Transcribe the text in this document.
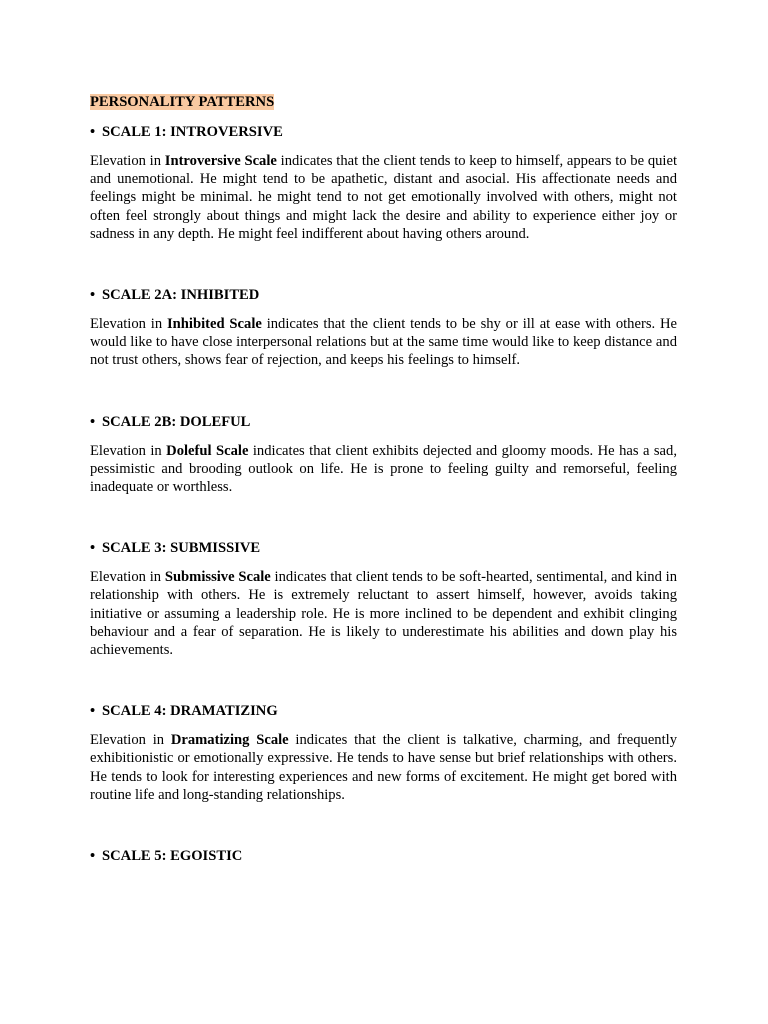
PERSONALITY PATTERNS

• SCALE 1: INTROVERSIVE

Elevation in Introversive Scale indicates that the client tends to keep to himself, appears to be quiet and unemotional. He might tend to be apathetic, distant and asocial. His affectionate needs and feelings might be minimal. he might tend to not get emotionally involved with others, might not often feel strongly about things and might lack the desire and ability to experience either joy or sadness in any depth. He might feel indifferent about having others around.

• SCALE 2A: INHIBITED

Elevation in Inhibited Scale indicates that the client tends to be shy or ill at ease with others. He would like to have close interpersonal relations but at the same time would like to keep distance and not trust others, shows fear of rejection, and keeps his feelings to himself.

• SCALE 2B: DOLEFUL

Elevation in Doleful Scale indicates that client exhibits dejected and gloomy moods. He has a sad, pessimistic and brooding outlook on life. He is prone to feeling guilty and remorseful, feeling inadequate or worthless.

• SCALE 3: SUBMISSIVE

Elevation in Submissive Scale indicates that client tends to be soft-hearted, sentimental, and kind in relationship with others. He is extremely reluctant to assert himself, however, avoids taking initiative or assuming a leadership role. He is more inclined to be dependent and exhibit clinging behaviour and a fear of separation. He is likely to underestimate his abilities and down play his achievements.

• SCALE 4: DRAMATIZING

Elevation in Dramatizing Scale indicates that the client is talkative, charming, and frequently exhibitionistic or emotionally expressive. He tends to have sense but brief relationships with others. He tends to look for interesting experiences and new forms of excitement. He might get bored with routine life and long-standing relationships.

• SCALE 5: EGOISTIC
